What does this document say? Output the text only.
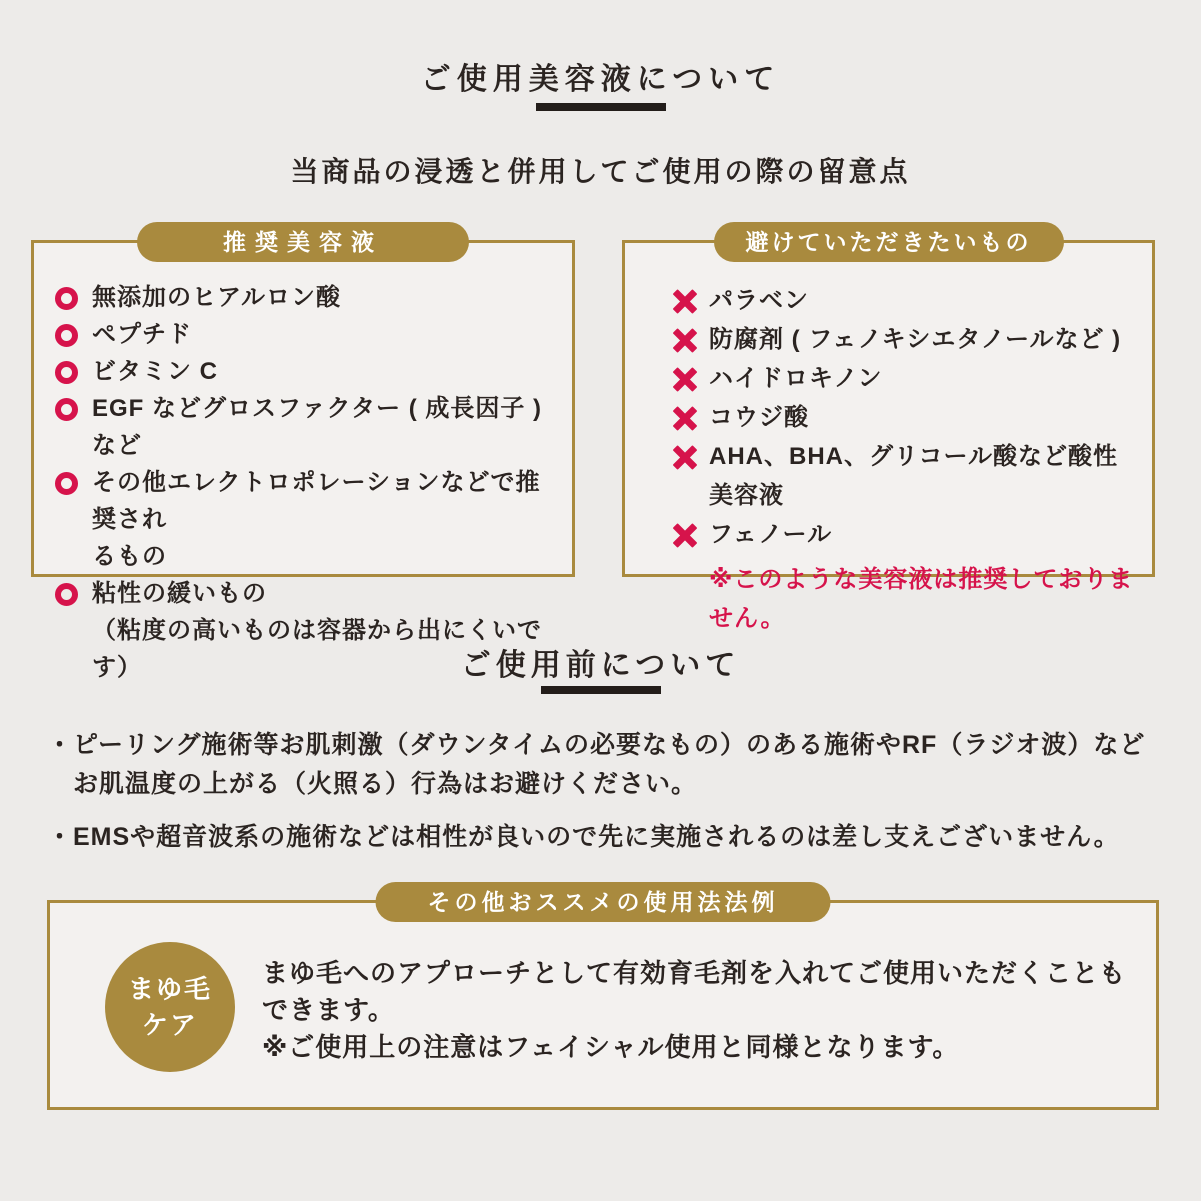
ご使用美容液について
当商品の浸透と併用してご使用の際の留意点
推奨美容液
無添加のヒアルロン酸
ペプチド
ビタミン C
EGF などグロスファクター ( 成長因子 ) など
その他エレクトロポレーションなどで推奨され
るもの
粘性の緩いもの
（粘度の高いものは容器から出にくいです）
避けていただきたいもの
パラベン
防腐剤 ( フェノキシエタノールなど )
ハイドロキノン
コウジ酸
AHA、BHA、グリコール酸など酸性美容液
フェノール
※このような美容液は推奨しておりません。
ご使用前について
・ピーリング施術等お肌刺激（ダウンタイムの必要なもの）のある施術やRF（ラジオ波）など
　お肌温度の上がる（火照る）行為はお避けください。
・EMSや超音波系の施術などは相性が良いので先に実施されるのは差し支えございません。
その他おススメの使用法法例
まゆ毛
ケア
まゆ毛へのアプローチとして有効育毛剤を入れてご使用いただくことも
できます。
※ご使用上の注意はフェイシャル使用と同様となります。
